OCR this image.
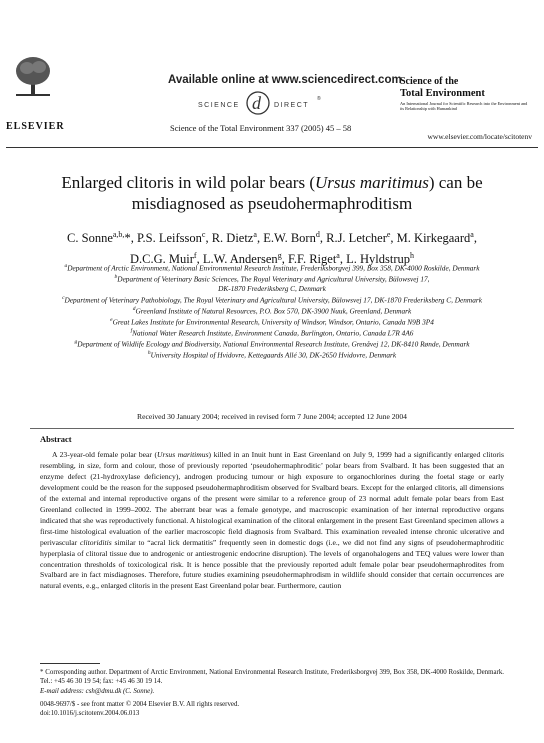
ELSEVIER
Available online at www.sciencedirect.com
SCIENCE d DIRECT
®
Science of the Total Environment 337 (2005) 45 – 58
Science of the
Total Environment
An International Journal for Scientific Research into the Environment and its Relationship with Humankind
www.elsevier.com/locate/scitotenv
Enlarged clitoris in wild polar bears (Ursus maritimus) can be
misdiagnosed as pseudohermaphroditism
C. Sonne$^{a,b,}$*, P.S. Leifsson$^c$, R. Dietz$^a$, E.W. Born$^d$, R.J. Letcher$^e$, M. Kirkegaard$^a$,
D.C.G. Muir$^f$, L.W. Andersen$^g$, F.F. Riget$^a$, L. Hyldstrup$^h$
$^a$Department of Arctic Environment, National Environmental Research Institute, Frederiksborgvej 399, Box 358, DK-4000 Roskilde, Denmark
$^b$Department of Veterinary Basic Sciences, The Royal Veterinary and Agricultural University, Bülowsvej 17,
DK-1870 Frederiksberg C, Denmark
$^c$Department of Veterinary Pathobiology, The Royal Veterinary and Agricultural University, Bülowsvej 17, DK-1870 Frederiksberg C, Denmark
$^d$Greenland Institute of Natural Resources, P.O. Box 570, DK-3900 Nuuk, Greenland, Denmark
$^e$Great Lakes Institute for Environmental Research, University of Windsor, Windsor, Ontario, Canada N9B 3P4
$^f$National Water Research Institute, Environment Canada, Burlington, Ontario, Canada L7R 4A6
$^g$Department of Wildlife Ecology and Biodiversity, National Environmental Research Institute, Grenåvej 12, DK-8410 Rønde, Denmark
$^h$University Hospital of Hvidovre, Kettegaards Allé 30, DK-2650 Hvidovre, Denmark
Received 30 January 2004; received in revised form 7 June 2004; accepted 12 June 2004
Abstract
A 23-year-old female polar bear (Ursus maritimus) killed in an Inuit hunt in East Greenland on July 9, 1999 had a significantly enlarged clitoris resembling, in size, form and colour, those of previously reported ‘pseudohermaphroditic’ polar bears from Svalbard. It has been suggested that an enzyme defect (21-hydroxylase deficiency), androgen producing tumour or high exposure to organochlorines during the foetal stage or early development could be the reason for the supposed pseudohermaphroditism observed for Svalbard bears. Except for the enlarged clitoris, all dimensions of the external and internal reproductive organs of the present were similar to a reference group of 23 normal adult female polar bears from East Greenland collected in 1999–2002. The aberrant bear was a female genotype, and macroscopic examination of her internal reproductive organs indicated that she was reproductively functional. A histological examination of the clitoral enlargement in the present East Greenland specimen allows a first-time histological evaluation of the earlier macroscopic field diagnosis from Svalbard. This examination revealed intense chronic ulcerative and perivascular clitoriditis similar to “acral lick dermatitis” frequently seen in domestic dogs (i.e., we did not find any signs of pseudohermaphroditic hyperplasia of clitoral tissue due to androgenic or antiestrogenic endocrine disruption). The levels of organohalogens and TEQ values were lower than concentration thresholds of toxicological risk. It is hence possible that the previously reported adult female polar bear pseudohermaphrodites from Svalbard are in fact misdiagnoses. Therefore, future studies examining pseudohermaphrodism in wildlife should consider that certain occurrences are natural events, e.g., enlarged clitoris in the present East Greenland polar bear. Furthermore, caution
* Corresponding author. Department of Arctic Environment, National Environmental Research Institute, Frederiksborgvej 399, Box 358, DK-4000 Roskilde, Denmark. Tel.: +45 46 30 19 54; fax: +45 46 30 19 14.
E-mail address: csh@dmu.dk (C. Sonne).
0048-9697/$ - see front matter © 2004 Elsevier B.V. All rights reserved.
doi:10.1016/j.scitotenv.2004.06.013
